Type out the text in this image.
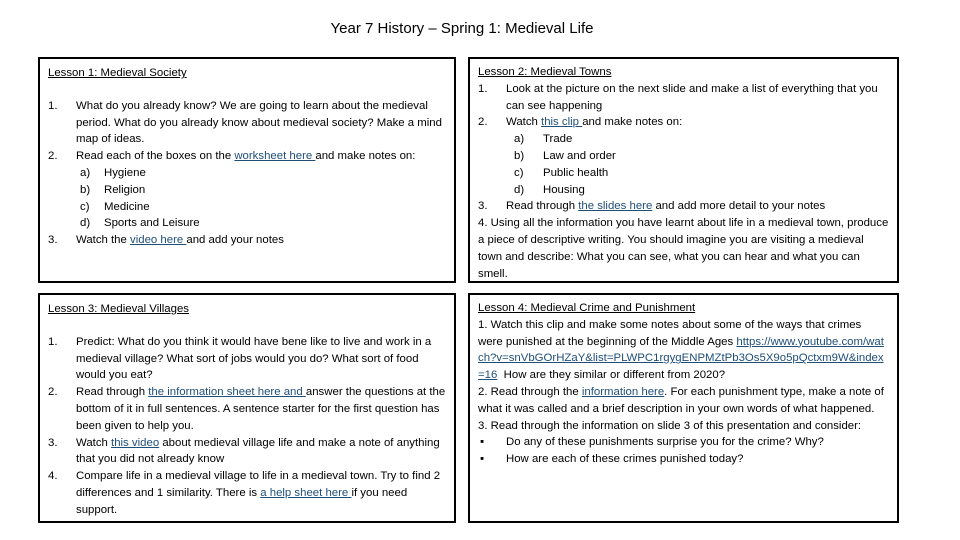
Year 7 History – Spring 1: Medieval Life
Lesson 1: Medieval Society
1. What do you already know? We are going to learn about the medieval period. What do you already know about medieval society? Make a mind map of ideas.
2. Read each of the boxes on the worksheet here and make notes on:
a) Hygiene
b) Religion
c) Medicine
d) Sports and Leisure
3. Watch the video here and add your notes
Lesson 2: Medieval Towns
1. Look at the picture on the next slide and make a list of everything that you can see happening
2. Watch this clip and make notes on:
a) Trade
b) Law and order
c) Public health
d) Housing
3. Read through the slides here and add more detail to your notes
4. Using all the information you have learnt about life in a medieval town, produce a piece of descriptive writing. You should imagine you are visiting a medieval town and describe: What you can see, what you can hear and what you can smell.
Lesson 3: Medieval Villages
1. Predict: What do you think it would have bene like to live and work in a medieval village? What sort of jobs would you do? What sort of food would you eat?
2. Read through the information sheet here and answer the questions at the bottom of it in full sentences. A sentence starter for the first question has been given to help you.
3. Watch this video about medieval village life and make a note of anything that you did not already know
4. Compare life in a medieval village to life in a medieval town. Try to find 2 differences and 1 similarity. There is a help sheet here if you need support.
Lesson 4: Medieval Crime and Punishment
1. Watch this clip and make some notes about some of the ways that crimes were punished at the beginning of the Middle Ages https://www.youtube.com/watch?v=snVbGOrHZaY&list=PLWPC1rgygENPMZtPb3Os5X9o5pQctxm9W&index=16  How are they similar or different from 2020?
2. Read through the information here. For each punishment type, make a note of what it was called and a brief description in your own words of what happened.
3. Read through the information on slide 3 of this presentation and consider:
▪ Do any of these punishments surprise you for the crime? Why?
▪ How are each of these crimes punished today?
